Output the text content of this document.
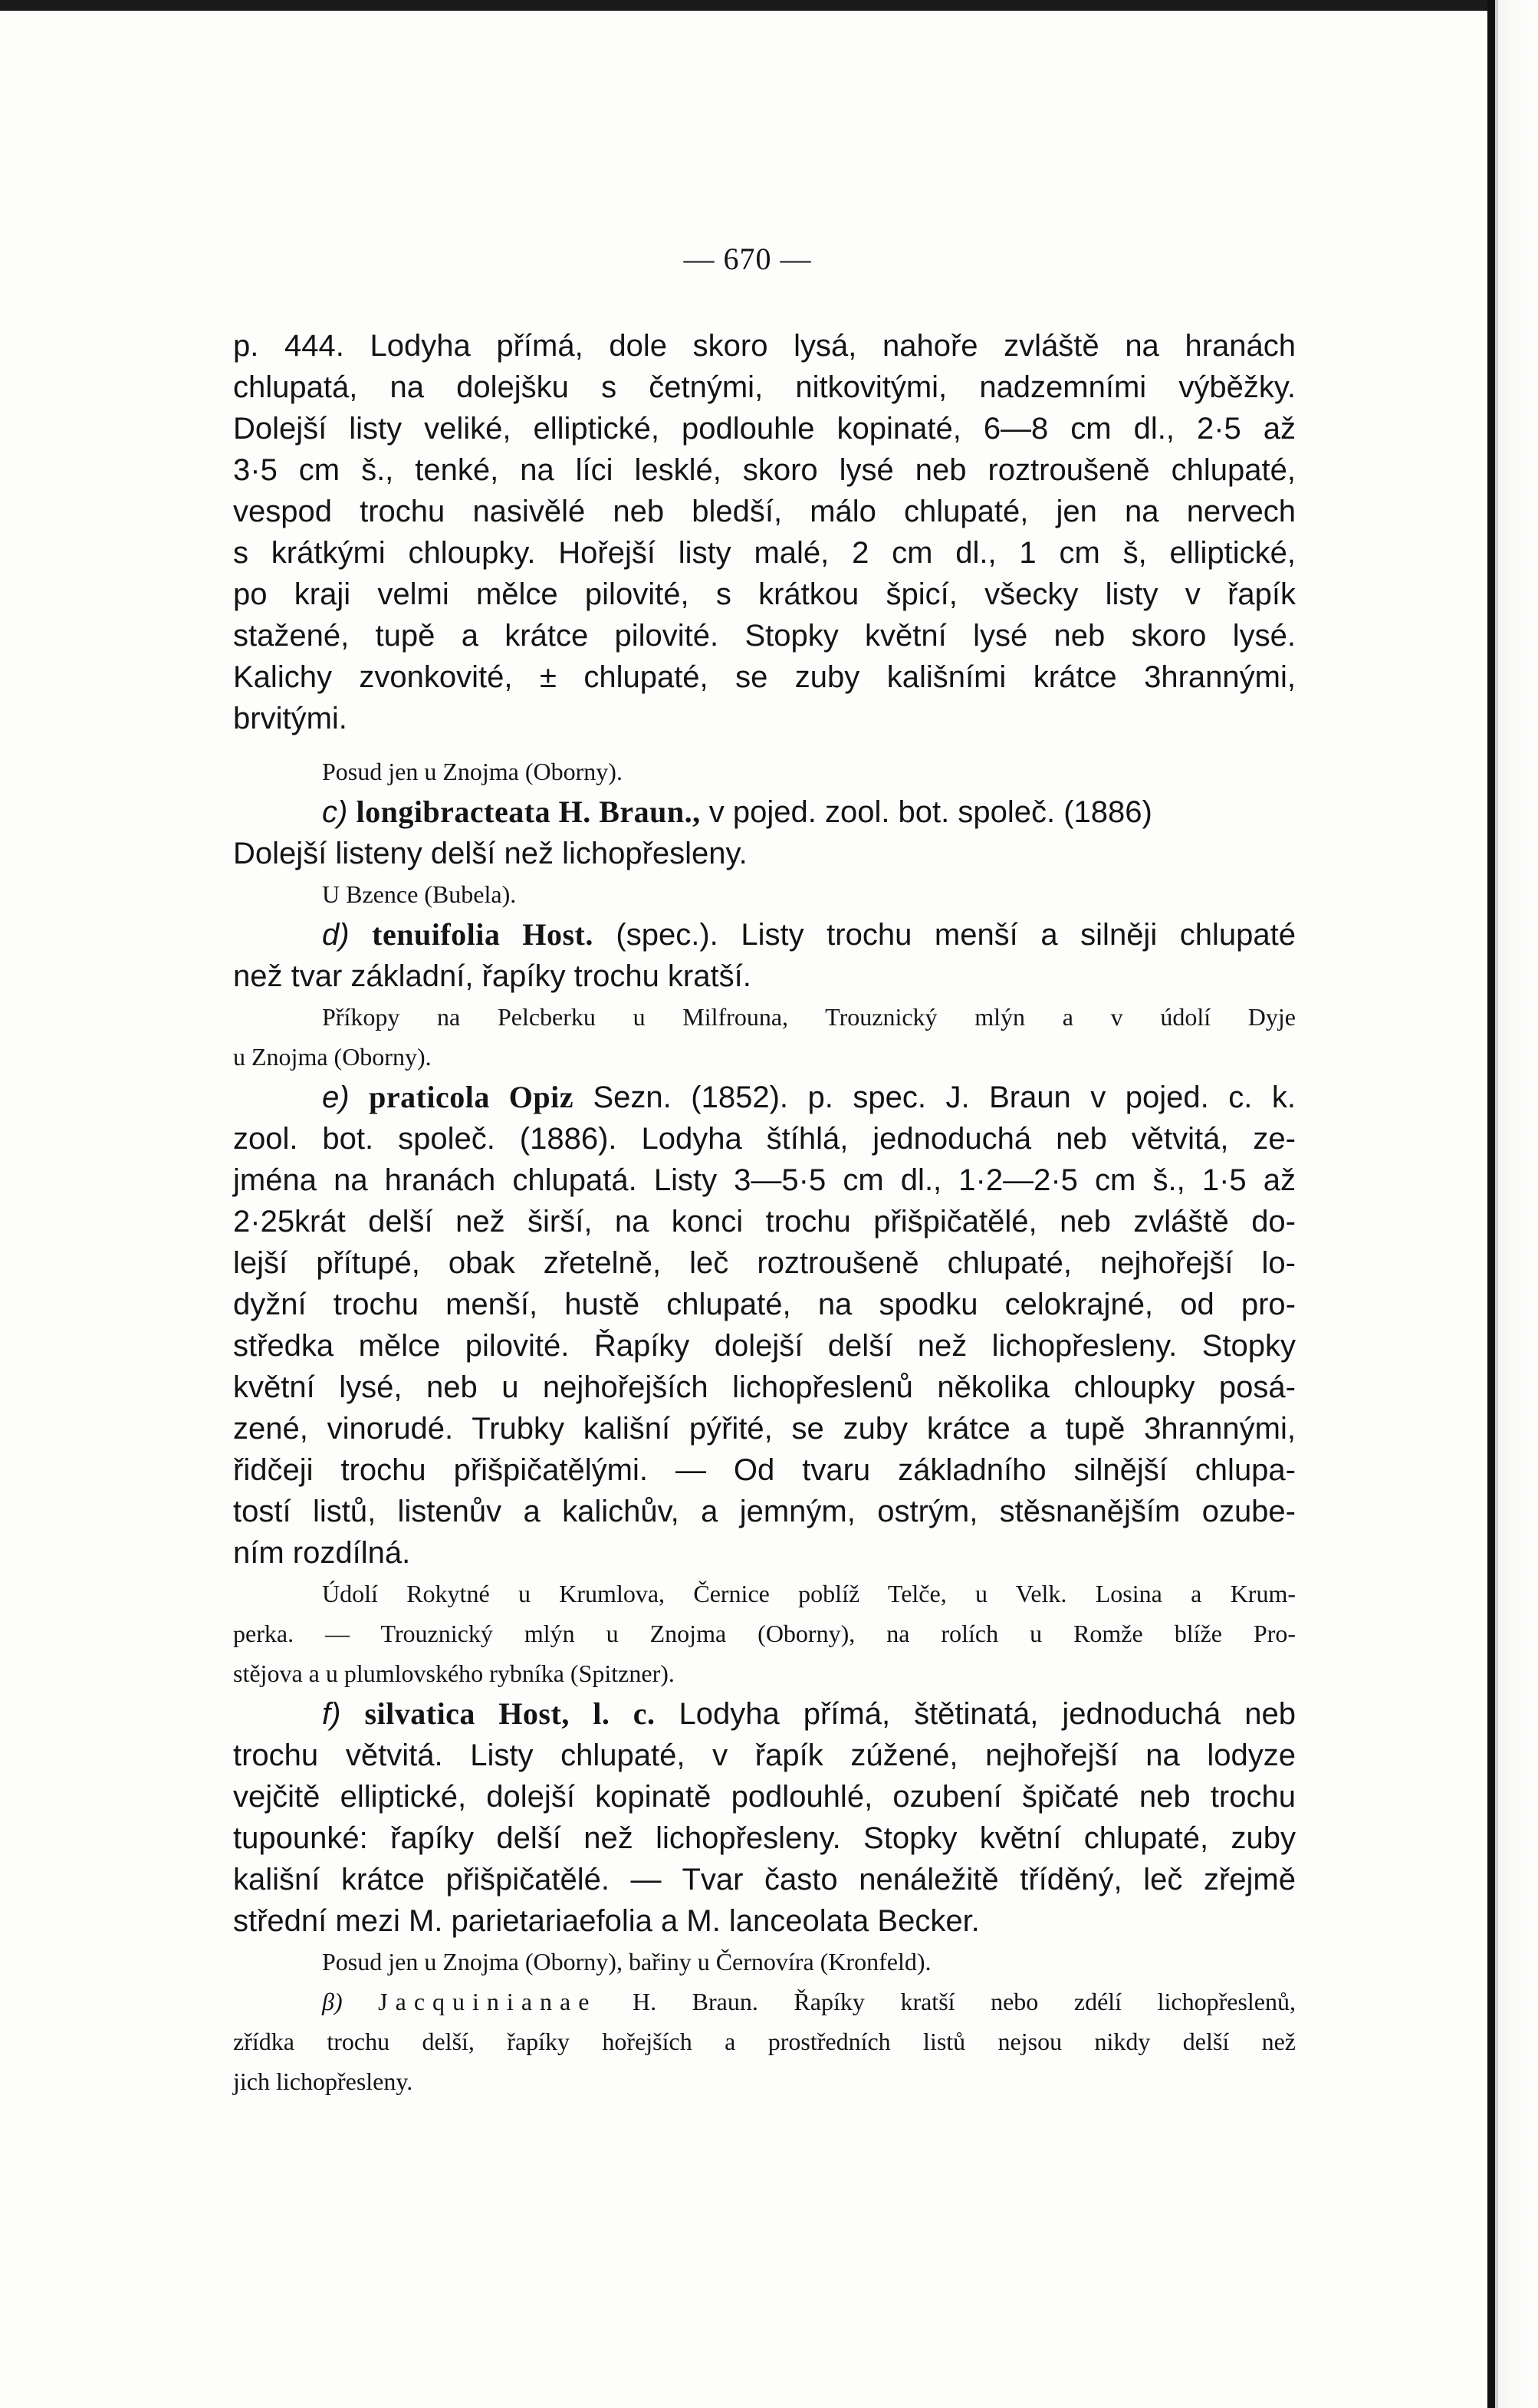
— 670 —
p. 444. Lodyha přímá, dole skoro lysá, nahoře zvláště na hranách
chlupatá, na dolejšku s četnými, nitkovitými, nadzemními výběžky.
Dolejší listy veliké, elliptické, podlouhle kopinaté, 6—8 cm dl., 2·5 až
3·5 cm š., tenké, na líci lesklé, skoro lysé neb roztroušeně chlupaté,
vespod trochu nasivělé neb bledší, málo chlupaté, jen na nervech
s krátkými chloupky. Hořejší listy malé, 2 cm dl., 1 cm š, elliptické,
po kraji velmi mělce pilovité, s krátkou špicí, všecky listy v řapík
stažené, tupě a krátce pilovité. Stopky květní lysé neb skoro lysé.
Kalichy zvonkovité, ± chlupaté, se zuby kališními krátce 3hrannými,
brvitými.
Posud jen u Znojma (Oborny).
c) longibracteata H. Braun., v pojed. zool. bot. společ. (1886)
Dolejší listeny delší než lichopřesleny.
U Bzence (Bubela).
d) tenuifolia Host. (spec.). Listy trochu menší a silněji chlupaté
než tvar základní, řapíky trochu kratší.
Příkopy na Pelcberku u Milfrouna, Trouznický mlýn a v údolí Dyje
u Znojma (Oborny).
e) praticola Opiz Sezn. (1852). p. spec. J. Braun v pojed. c. k.
zool. bot. společ. (1886). Lodyha štíhlá, jednoduchá neb větvitá, ze-
jména na hranách chlupatá. Listy 3—5·5 cm dl., 1·2—2·5 cm š., 1·5 až
2·25krát delší než širší, na konci trochu přišpičatělé, neb zvláště do-
lejší přítupé, obak zřetelně, leč roztroušeně chlupaté, nejhořejší lo-
dyžní trochu menší, hustě chlupaté, na spodku celokrajné, od pro-
středka mělce pilovité. Řapíky dolejší delší než lichopřesleny. Stopky
květní lysé, neb u nejhořejších lichopřeslenů několika chloupky posá-
zené, vinorudé. Trubky kališní pýřité, se zuby krátce a tupě 3hrannými,
řidčeji trochu přišpičatělými. — Od tvaru základního silnější chlupa-
tostí listů, listenův a kalichův, a jemným, ostrým, stěsnanějším ozube-
ním rozdílná.
Údolí Rokytné u Krumlova, Černice poblíž Telče, u Velk. Losina a Krum-
perka. — Trouznický mlýn u Znojma (Oborny), na rolích u Romže blíže Pro-
stějova a u plumlovského rybníka (Spitzner).
f) silvatica Host, l. c. Lodyha přímá, štětinatá, jednoduchá neb
trochu větvitá. Listy chlupaté, v řapík zúžené, nejhořejší na lodyze
vejčitě elliptické, dolejší kopinatě podlouhlé, ozubení špičaté neb trochu
tupounké: řapíky delší než lichopřesleny. Stopky květní chlupaté, zuby
kališní krátce přišpičatělé. — Tvar často nenáležitě tříděný, leč zřejmě
střední mezi M. parietariaefolia a M. lanceolata Becker.
Posud jen u Znojma (Oborny), bařiny u Černovíra (Kronfeld).
β) Jacquinianae H. Braun. Řapíky kratší nebo zdélí lichopřeslenů,
zřídka trochu delší, řapíky hořejších a prostředních listů nejsou nikdy delší než
jich lichopřesleny.
